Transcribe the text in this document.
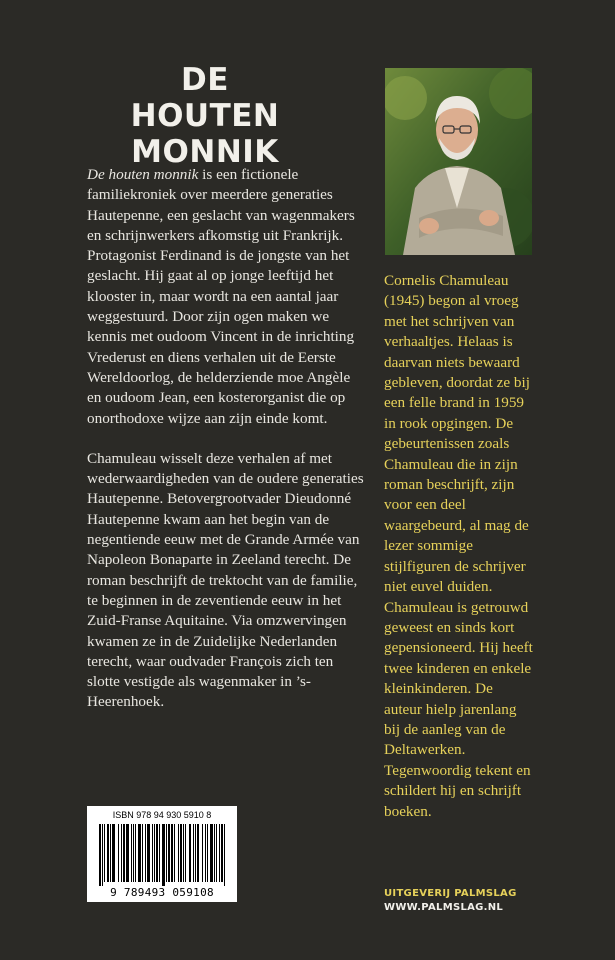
DE HOUTEN
MONNIK

De houten monnik is een fictionele familiekroniek over meerdere generaties Hautepenne, een geslacht van wagenmakers en schrijnwerkers afkomstig uit Frankrijk. Protagonist Ferdinand is de jongste van het geslacht. Hij gaat al op jonge leeftijd het klooster in, maar wordt na een aantal jaar weggestuurd. Door zijn ogen maken we kennis met oudoom Vincent in de inrichting Vrederust en diens verhalen uit de Eerste Wereldoorlog, de helderziende moe Angèle en oudoom Jean, een kosterorganist die op onorthodoxe wijze aan zijn einde komt.

Chamuleau wisselt deze verhalen af met wederwaardigheden van de oudere generaties Hautepenne. Betovergrootvader Dieudonné Hautepenne kwam aan het begin van de negentiende eeuw met de Grande Armée van Napoleon Bonaparte in Zeeland terecht. De roman beschrijft de trektocht van de familie, te beginnen in de zeventiende eeuw in het Zuid-Franse Aquitaine. Via omzwervingen kwamen ze in de Zuidelijke Nederlanden terecht, waar oudvader François zich ten slotte vestigde als wagenmaker in ’s-Heerenhoek.

Cornelis Chamuleau (1945) begon al vroeg met het schrijven van verhaaltjes. Helaas is daarvan niets bewaard gebleven, doordat ze bij een felle brand in 1959 in rook opgingen. De gebeurtenissen zoals Chamuleau die in zijn roman beschrijft, zijn voor een deel waargebeurd, al mag de lezer sommige stijlfiguren de schrijver niet euvel duiden. Chamuleau is getrouwd geweest en sinds kort gepensioneerd. Hij heeft twee kinderen en enkele kleinkinderen. De auteur hielp jarenlang bij de aanleg van de Deltawerken. Tegenwoordig tekent en schildert hij en schrijft boeken.
ISBN 978 94 930 5910 8
9 789493 059108	UITGEVERIJ PALMSLAG
WWW.PALMSLAG.NL
